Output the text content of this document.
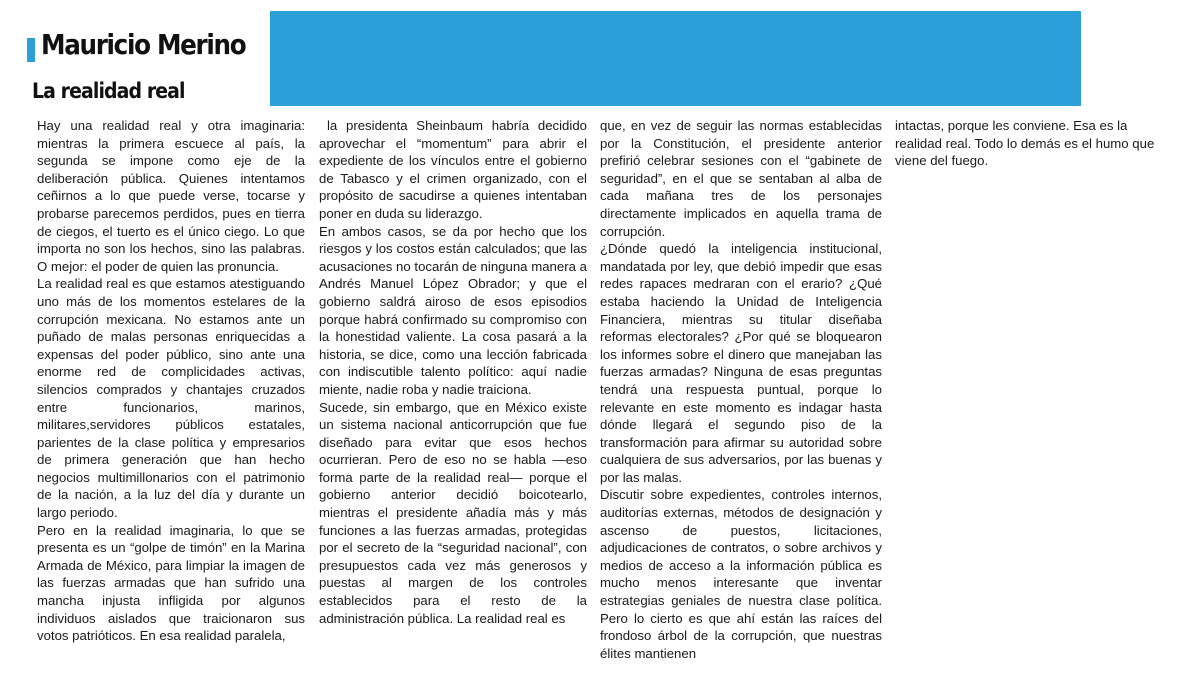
Mauricio Merino
La realidad real

Hay una realidad real y otra imaginaria: mientras la primera escuece al país, la segunda se impone como eje de la deliberación pública. Quienes intentamos ceñirnos a lo que puede verse, tocarse y probarse parecemos perdidos, pues en tierra de ciegos, el tuerto es el único ciego. Lo que importa no son los hechos, sino las palabras. O mejor: el poder de quien las pronuncia.

La realidad real es que estamos atestiguando uno más de los momentos estelares de la corrupción mexicana. No estamos ante un puñado de malas personas enriquecidas a expensas del poder público, sino ante una enorme red de complicidades activas, silencios comprados y chantajes cruzados entre funcionarios, marinos, militares,servidores públicos estatales, parientes de la clase política y empresarios de primera generación que han hecho negocios multimillonarios con el patrimonio de la nación, a la luz del día y durante un largo periodo.

Pero en la realidad imaginaria, lo que se presenta es un “golpe de timón” en la Marina Armada de México, para limpiar la imagen de las fuerzas armadas que han sufrido una mancha injusta infligida por algunos individuos aislados que traicionaron sus votos patrióticos. En esa realidad paralela,

la presidenta Sheinbaum habría decidido aprovechar el “momentum” para abrir el expediente de los vínculos entre el gobierno de Tabasco y el crimen organizado, con el propósito de sacudirse a quienes intentaban poner en duda su liderazgo.

En ambos casos, se da por hecho que los riesgos y los costos están calculados; que las acusaciones no tocarán de ninguna manera a Andrés Manuel López Obrador; y que el gobierno saldrá airoso de esos episodios porque habrá confirmado su compromiso con la honestidad valiente. La cosa pasará a la historia, se dice, como una lección fabricada con indiscutible talento político: aquí nadie miente, nadie roba y nadie traiciona.

Sucede, sin embargo, que en México existe un sistema nacional anticorrupción que fue diseñado para evitar que esos hechos ocurrieran. Pero de eso no se habla —eso forma parte de la realidad real— porque el gobierno anterior decidió boicotearlo, mientras el presidente añadía más y más funciones a las fuerzas armadas, protegidas por el secreto de la “seguridad nacional”, con presupuestos cada vez más generosos y puestas al margen de los controles establecidos para el resto de la administración pública. La realidad real es

que, en vez de seguir las normas establecidas por la Constitución, el presidente anterior prefirió celebrar sesiones con el “gabinete de seguridad”, en el que se sentaban al alba de cada mañana tres de los personajes directamente implicados en aquella trama de corrupción.

¿Dónde quedó la inteligencia institucional, mandatada por ley, que debió impedir que esas redes rapaces medraran con el erario? ¿Qué estaba haciendo la Unidad de Inteligencia Financiera, mientras su titular diseñaba reformas electorales? ¿Por qué se bloquearon los informes sobre el dinero que manejaban las fuerzas armadas? Ninguna de esas preguntas tendrá una respuesta puntual, porque lo relevante en este momento es indagar hasta dónde llegará el segundo piso de la transformación para afirmar su autoridad sobre cualquiera de sus adversarios, por las buenas y por las malas.

Discutir sobre expedientes, controles internos, auditorías externas, métodos de designación y ascenso de puestos, licitaciones, adjudicaciones de contratos, o sobre archivos y medios de acceso a la información pública es mucho menos interesante que inventar estrategias geniales de nuestra clase política. Pero lo cierto es que ahí están las raíces del frondoso árbol de la corrupción, que nuestras élites mantienen

intactas, porque les conviene. Esa es la realidad real. Todo lo demás es el humo que viene del fuego.
